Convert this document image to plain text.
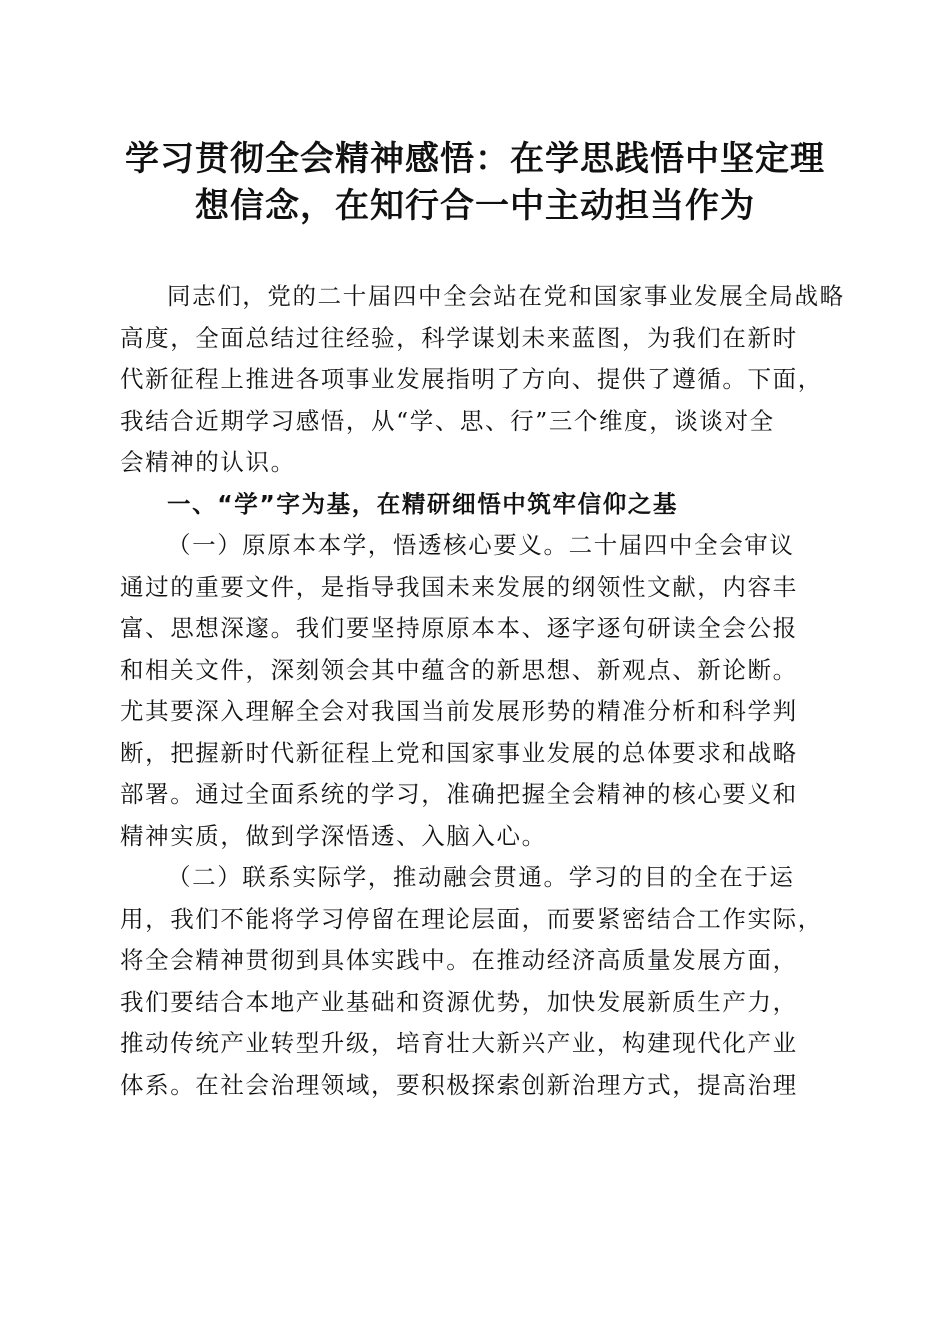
学习贯彻全会精神感悟：在学思践悟中坚定理
想信念，在知行合一中主动担当作为
同志们，党的二十届四中全会站在党和国家事业发展全局战略
高度，全面总结过往经验，科学谋划未来蓝图，为我们在新时
代新征程上推进各项事业发展指明了方向、提供了遵循。下面，
我结合近期学习感悟，从“学、思、行”三个维度，谈谈对全
会精神的认识。
一、“学”字为基，在精研细悟中筑牢信仰之基
（一）原原本本学，悟透核心要义。二十届四中全会审议
通过的重要文件，是指导我国未来发展的纲领性文献，内容丰
富、思想深邃。我们要坚持原原本本、逐字逐句研读全会公报
和相关文件，深刻领会其中蕴含的新思想、新观点、新论断。
尤其要深入理解全会对我国当前发展形势的精准分析和科学判
断，把握新时代新征程上党和国家事业发展的总体要求和战略
部署。通过全面系统的学习，准确把握全会精神的核心要义和
精神实质，做到学深悟透、入脑入心。
（二）联系实际学，推动融会贯通。学习的目的全在于运
用，我们不能将学习停留在理论层面，而要紧密结合工作实际，
将全会精神贯彻到具体实践中。在推动经济高质量发展方面，
我们要结合本地产业基础和资源优势，加快发展新质生产力，
推动传统产业转型升级，培育壮大新兴产业，构建现代化产业
体系。在社会治理领域，要积极探索创新治理方式，提高治理
